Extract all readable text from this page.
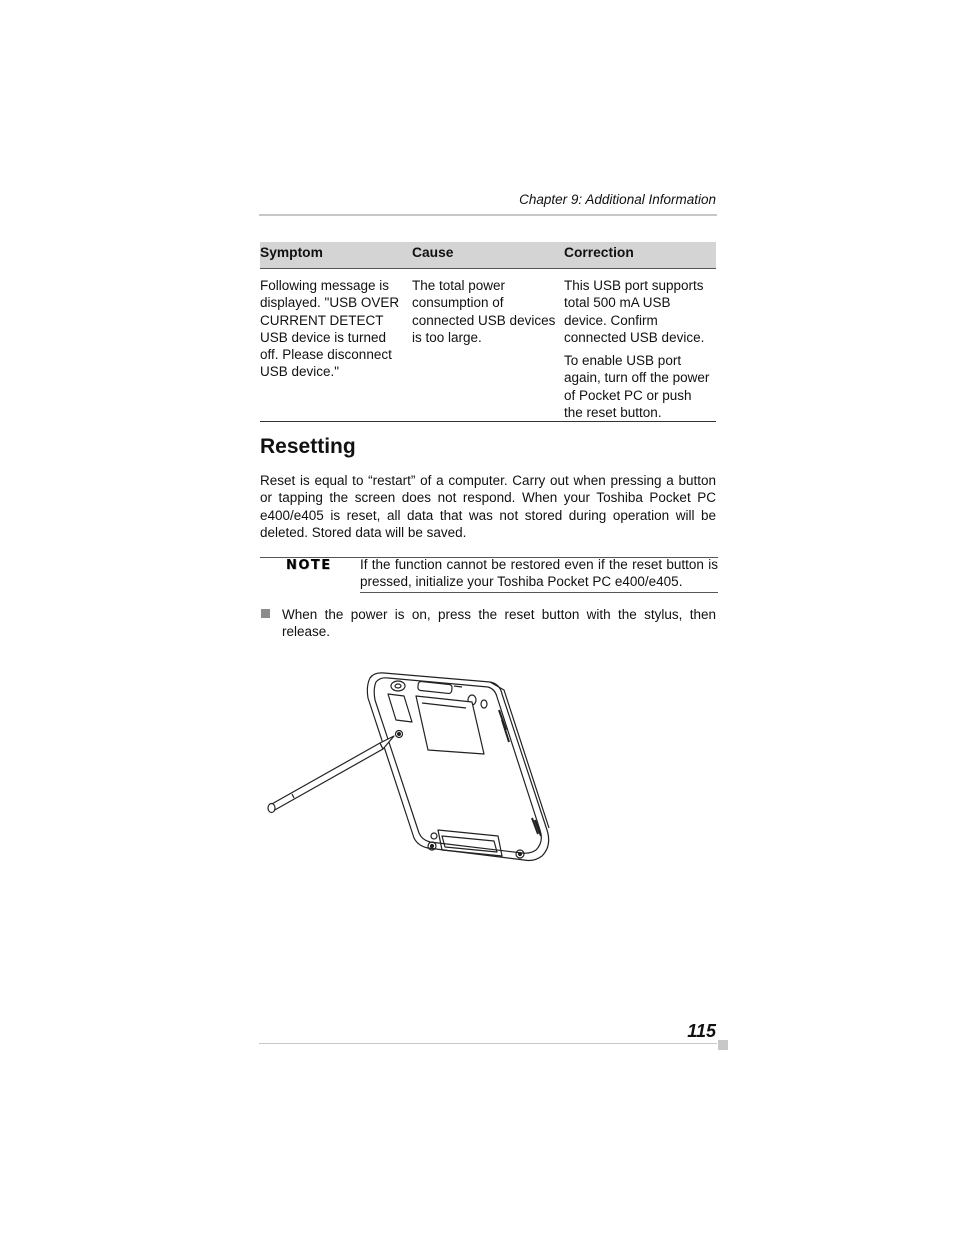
Chapter 9: Additional Information
Symptom	Cause	Correction
Following message is displayed. "USB OVER CURRENT DETECT USB device is turned off. Please disconnect USB device."
The total power consumption of connected USB devices is too large.

This USB port supports total 500 mA USB device. Confirm connected USB device.

To enable USB port again, turn off the power of Pocket PC or push the reset button.

Resetting

Reset is equal to “restart” of a computer. Carry out when pressing a button or tapping the screen does not respond. When your Toshiba Pocket PC e400/e405 is reset, all data that was not stored during operation will be deleted. Stored data will be saved.

NOTE If the function cannot be restored even if the reset button is pressed, initialize your Toshiba Pocket PC e400/e405.

When the power is on, press the reset button with the stylus, then release.

115
